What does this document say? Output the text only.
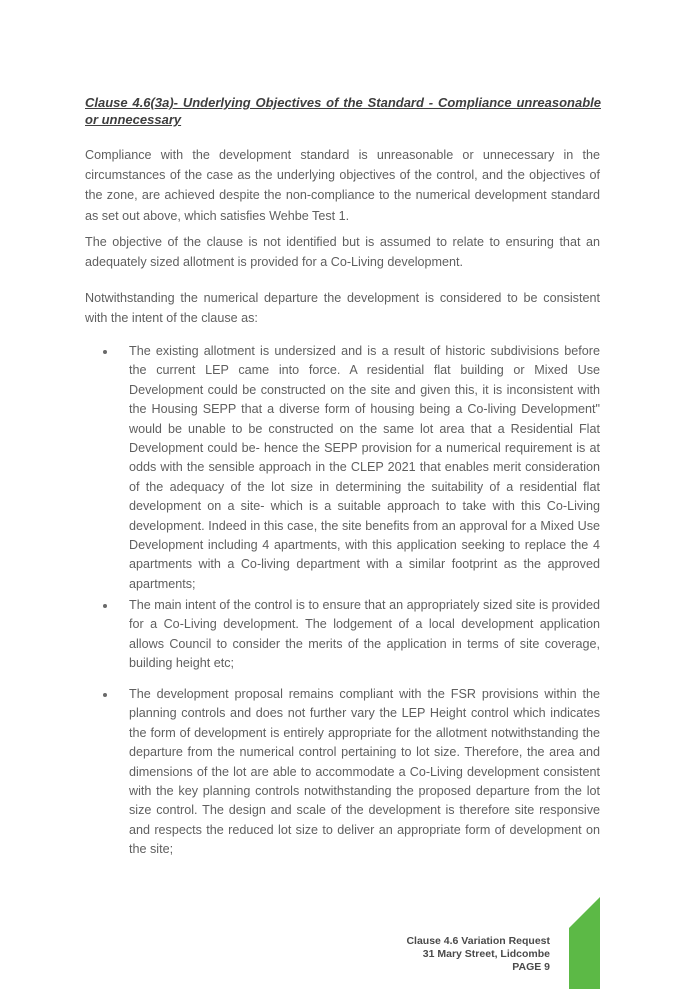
Clause 4.6(3a)- Underlying Objectives of the Standard - Compliance unreasonable or unnecessary

Compliance with the development standard is unreasonable or unnecessary in the circumstances of the case as the underlying objectives of the control, and the objectives of the zone, are achieved despite the non-compliance to the numerical development standard as set out above, which satisfies Wehbe Test 1.

The objective of the clause is not identified but is assumed to relate to ensuring that an adequately sized allotment is provided for a Co-Living development.

Notwithstanding the numerical departure the development is considered to be consistent with the intent of the clause as:

The existing allotment is undersized and is a result of historic subdivisions before the current LEP came into force. A residential flat building or Mixed Use Development could be constructed on the site and given this, it is inconsistent with the Housing SEPP that a diverse form of housing being a Co-living Development" would be unable to be constructed on the same lot area that a Residential Flat Development could be- hence the SEPP provision for a numerical requirement is at odds with the sensible approach in the CLEP 2021 that enables merit consideration of the adequacy of the lot size in determining the suitability of a residential flat development on a site- which is a suitable approach to take with this Co-Living development. Indeed in this case, the site benefits from an approval for a Mixed Use Development including 4 apartments, with this application seeking to replace the 4 apartments with a Co-living department with a similar footprint as the approved apartments;
The main intent of the control is to ensure that an appropriately sized site is provided for a Co-Living development. The lodgement of a local development application allows Council to consider the merits of the application in terms of site coverage, building height etc;
The development proposal remains compliant with the FSR provisions within the planning controls and does not further vary the LEP Height control which indicates the form of development is entirely appropriate for the allotment notwithstanding the departure from the numerical control pertaining to lot size. Therefore, the area and dimensions of the lot are able to accommodate a Co-Living development consistent with the key planning controls notwithstanding the proposed departure from the lot size control. The design and scale of the development is therefore site responsive and respects the reduced lot size to deliver an appropriate form of development on the site;
Clause 4.6 Variation Request
31 Mary Street, Lidcombe
PAGE 9
